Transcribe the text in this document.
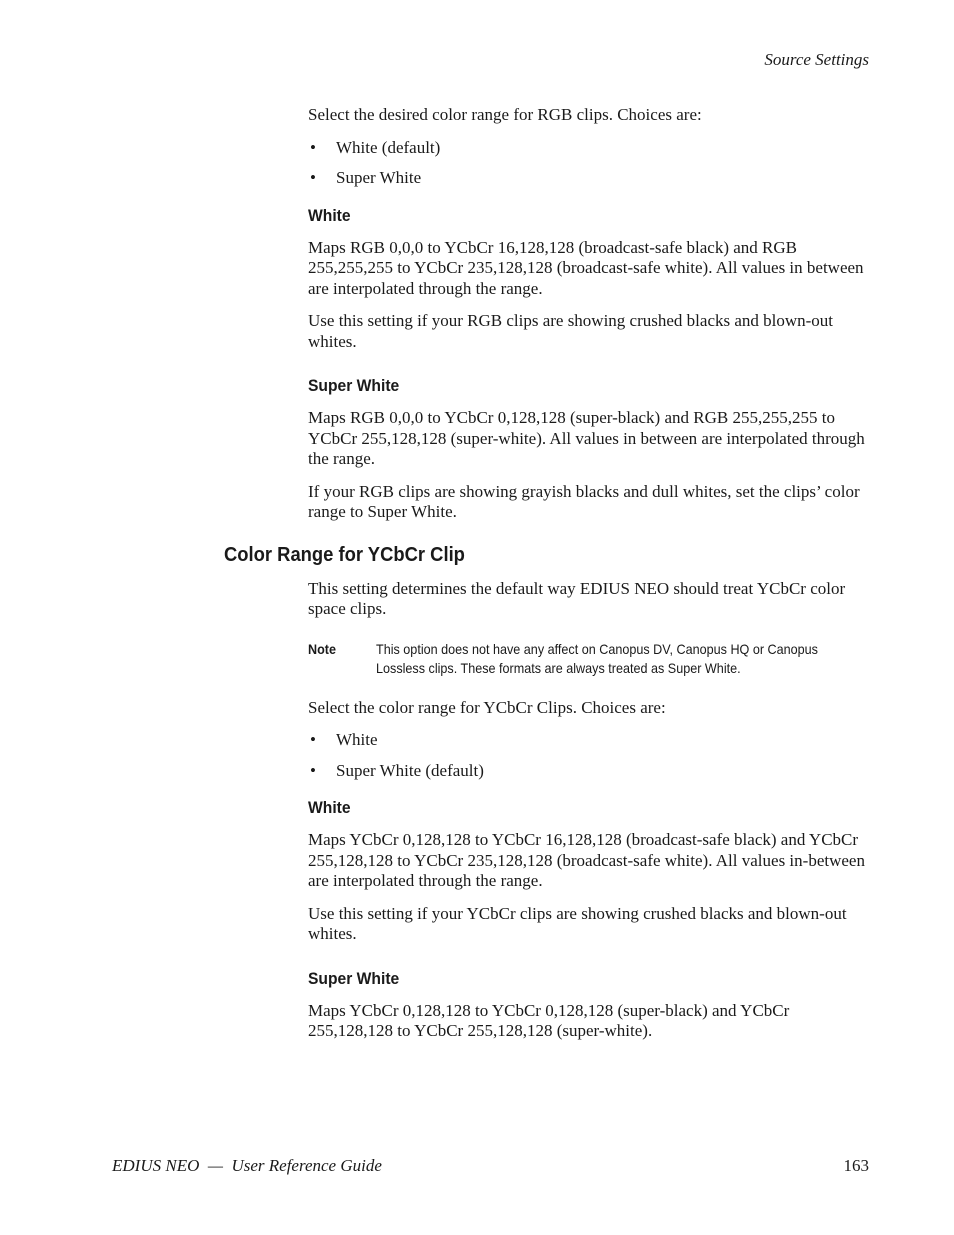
Source Settings

Select the desired color range for RGB clips. Choices are:

• White (default)
• Super White
White

Maps RGB 0,0,0 to YCbCr 16,128,128 (broadcast-safe black) and RGB 255,255,255 to YCbCr 235,128,128 (broadcast-safe white). All values in between are interpolated through the range.

Use this setting if your RGB clips are showing crushed blacks and blown-out whites.

Super White

Maps RGB 0,0,0 to YCbCr 0,128,128 (super-black) and RGB 255,255,255 to YCbCr 255,128,128 (super-white). All values in between are interpolated through the range.

If your RGB clips are showing grayish blacks and dull whites, set the clips’ color range to Super White.

Color Range for YCbCr Clip

This setting determines the default way EDIUS NEO should treat YCbCr color space clips.

Note	This option does not have any affect on Canopus DV, Canopus HQ or Canopus
Lossless clips. These formats are always treated as Super White.

Select the color range for YCbCr Clips. Choices are:

• White
• Super White (default)
White

Maps YCbCr 0,128,128 to YCbCr 16,128,128 (broadcast-safe black) and YCbCr 255,128,128 to YCbCr 235,128,128 (broadcast-safe white). All values in-between are interpolated through the range.

Use this setting if your YCbCr clips are showing crushed blacks and blown-out whites.

Super White

Maps YCbCr 0,128,128 to YCbCr 0,128,128 (super-black) and YCbCr 255,128,128 to YCbCr 255,128,128 (super-white).

EDIUS NEO  —  User Reference Guide	163
